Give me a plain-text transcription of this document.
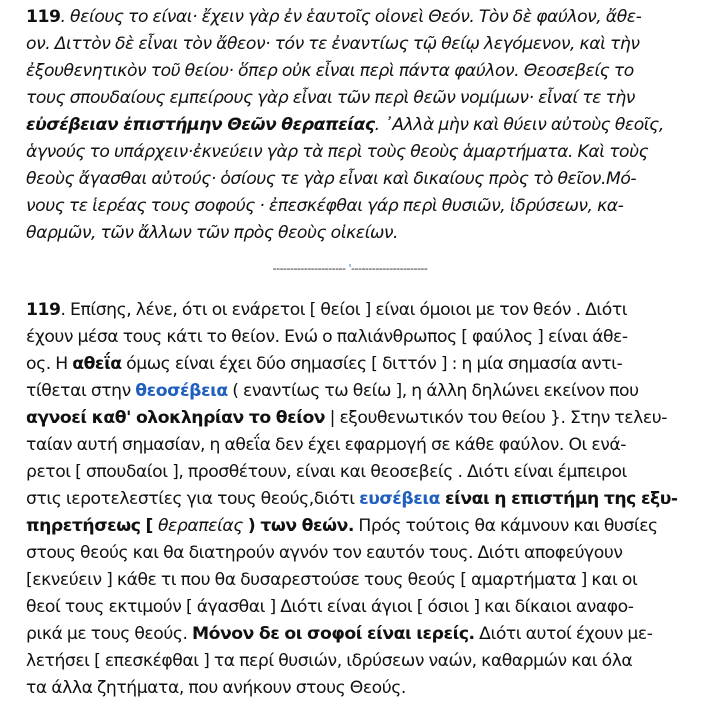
119. θείους το είναι· ἔχειν γὰρ ἐν ἑαυτοῖς οἱονεὶ Θεόν. Τὸν δὲ φαύλον, ἄθε-
ον. Διττὸν δὲ εἶναι τὸν ἄθεον· τόν τε ἐναντίως τῷ θείῳ λεγόμενον, καὶ τὴν
ἐξουθενητικὸν τοῦ θείου· ὅπερ οὐκ εἶναι περὶ πάντα φαύλον. Θεοσεβείς το
τους σπουδαίους εμπείρους γὰρ εἶναι τῶν περὶ θεῶν νομίμων· εἶναί τε τὴν
εὐσέβειαν ἐπιστήμην Θεῶν θεραπείας. ᾿Αλλὰ μὴν καὶ θύειν αὐτοὺς θεοῖς,
ἁγνούς το υπάρχειν·ἐκνεύειν γὰρ τὰ περὶ τοὺς θεοὺς ἁμαρτήματα. Καὶ τοὺς
θεοὺς ἄγασθαι αὐτούς· ὁσίους τε γὰρ εἶναι καὶ δικαίους πρὸς τὸ θεῖον.Μό-
νους τε ἱερέας τους σοφούς · ἐπεσκέφθαι γάρ περὶ θυσιῶν, ἱδρύσεων, κα-
θαρμῶν, τῶν ἄλλων τῶν πρὸς θεοὺς οἰκείων.

--------------------- '----------------------

119. Επίσης, λένε, ότι οι ενάρετοι [ θείοι ] είναι όμοιοι με τον θεόν . Διότι
έχουν μέσα τους κάτι το θείον. Ενώ ο παλιάνθρωπος [ φαύλος ] είναι άθε-
ος. Η αθεΐα όμως είναι έχει δύο σημασίες [ διττόν ] : η μία σημασία αντι-
τίθεται στην θεοσέβεια ( εναντίως τω θείω ], η άλλη δηλώνει εκείνον που
αγνοεί καθ' ολοκληρίαν το θείον | εξουθενωτικόν του θείου }. Στην τελευ-
ταίαν αυτή σημασίαν, η αθεΐα δεν έχει εφαρμογή σε κάθε φαύλον. Οι ενά-
ρετοι [ σπουδαίοι ], προσθέτουν, είναι και θεοσεβείς . Διότι είναι έμπειροι
στις ιεροτελεστίες για τους θεούς,διότι ευσέβεια είναι η επιστήμη της εξυ-
πηρετήσεως [ θεραπείας ) των θεών. Πρός τούτοις θα κάμνουν και θυσίες
στους θεούς και θα διατηρούν αγνόν τον εαυτόν τους. Διότι αποφεύγουν
[εκνεύειν ] κάθε τι που θα δυσαρεστούσε τους θεούς [ αμαρτήματα ] και οι
θεοί τους εκτιμούν [ άγασθαι ] Διότι είναι άγιοι [ όσιοι ] και δίκαιοι αναφο-
ρικά με τους θεούς. Μόνον δε οι σοφοί είναι ιερείς. Διότι αυτοί έχουν με-
λετήσει [ επεσκέφθαι ] τα περί θυσιών, ιδρύσεων ναών, καθαρμών και όλα
τα άλλα ζητήματα, που ανήκουν στους Θεούς.
